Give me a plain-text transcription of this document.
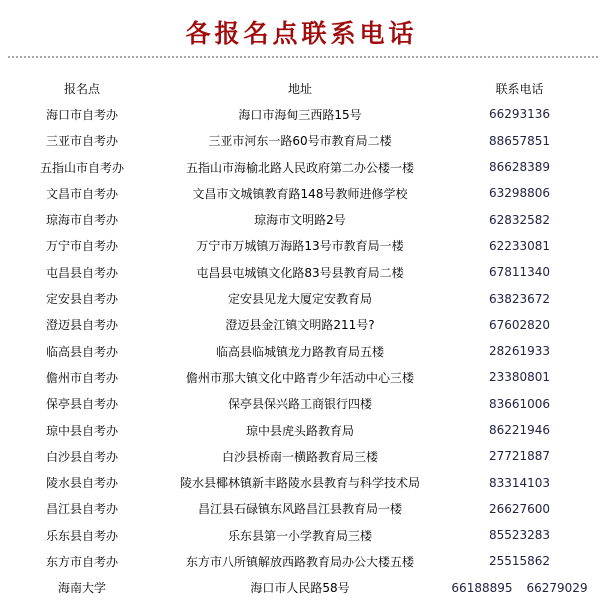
各报名点联系电话
报名点	地址	联系电话
海口市自考办	海口市海甸三西路15号	66293136
三亚市自考办	三亚市河东一路60号市教育局二楼	88657851
五指山市自考办	五指山市海榆北路人民政府第二办公楼一楼	86628389
文昌市自考办	文昌市文城镇教育路148号教师进修学校	63298806
琼海市自考办	琼海市文明路2号	62832582
万宁市自考办	万宁市万城镇万海路13号市教育局一楼	62233081
屯昌县自考办	屯昌县屯城镇文化路83号县教育局二楼	67811340
定安县自考办	定安县见龙大厦定安教育局	63823672
澄迈县自考办	澄迈县金江镇文明路211号?	67602820
临高县自考办	临高县临城镇龙力路教育局五楼	28261933
儋州市自考办	儋州市那大镇文化中路青少年活动中心三楼	23380801
保亭县自考办	保亭县保兴路工商银行四楼	83661006
琼中县自考办	琼中县虎头路教育局	86221946
白沙县自考办	白沙县桥南一横路教育局三楼	27721887
陵水县自考办	陵水县椰林镇新丰路陵水县教育与科学技术局	83314103
昌江县自考办	昌江县石碌镇东风路昌江县教育局一楼	26627600
乐东县自考办	乐东县第一小学教育局三楼	85523283
东方市自考办	东方市八所镇解放西路教育局办公大楼五楼	25515862
海南大学	海口市人民路58号	66188895 66279029
